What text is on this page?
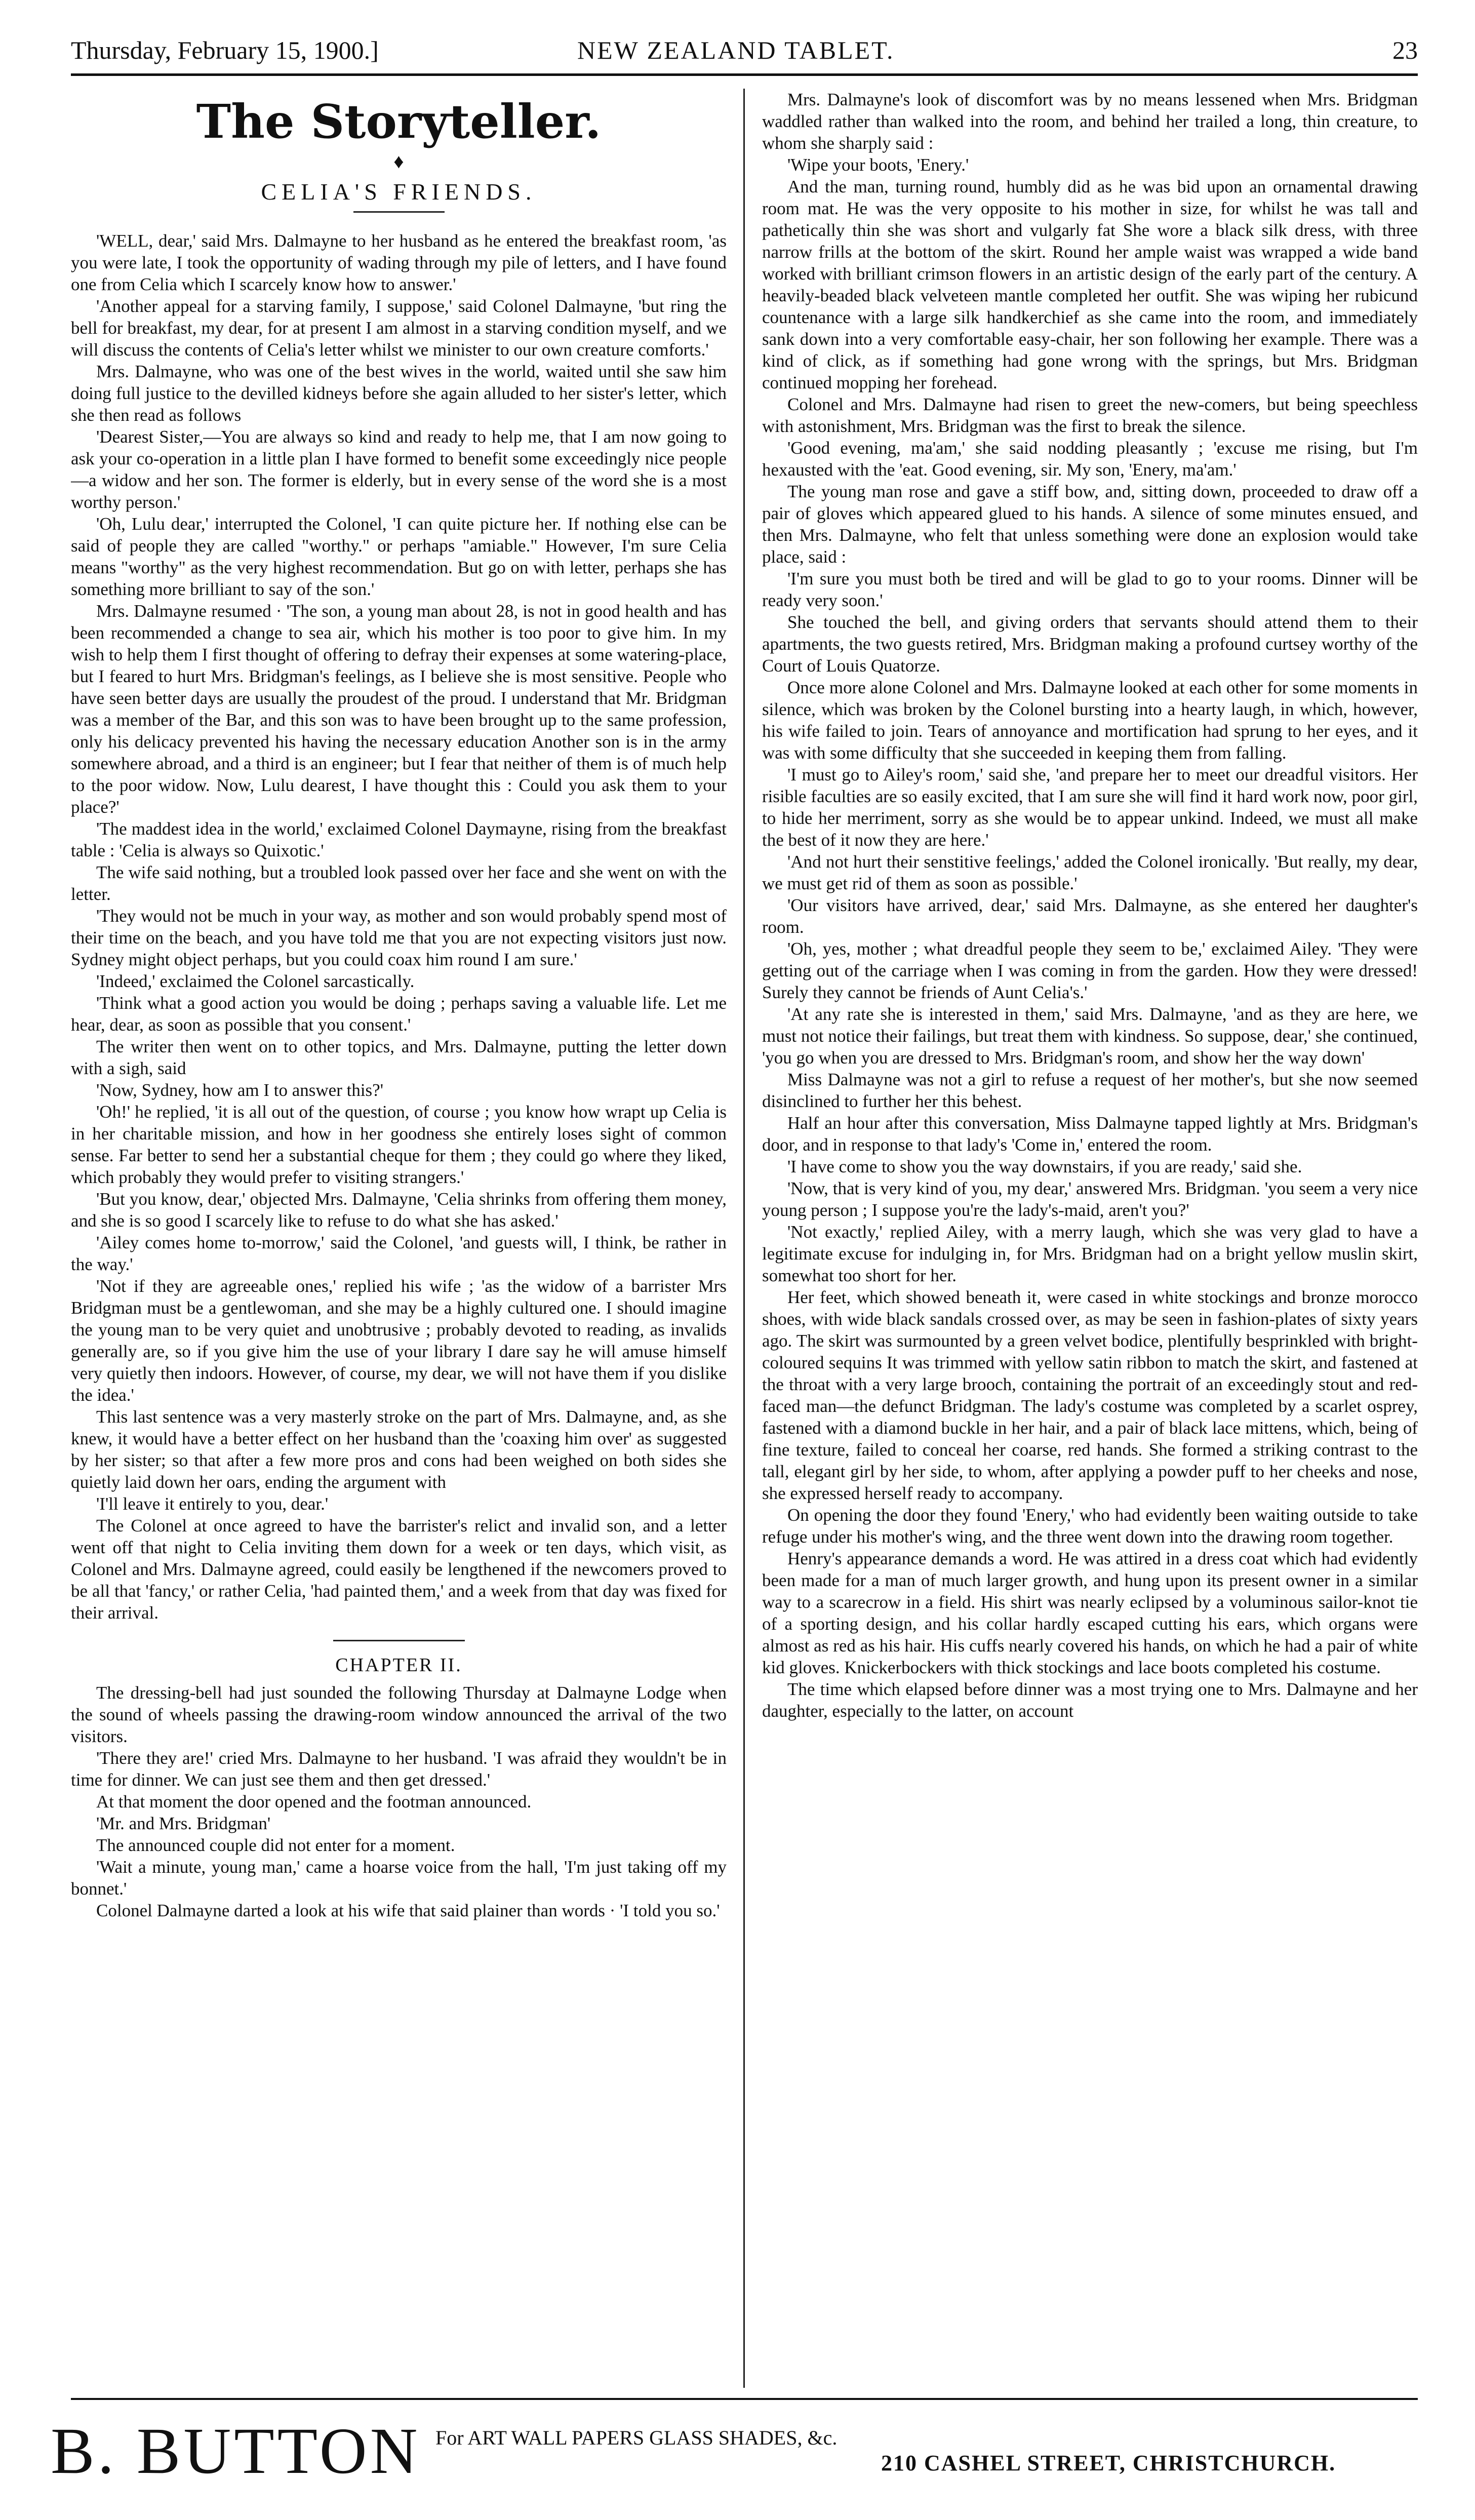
Thursday, February 15, 1900.]	NEW ZEALAND TABLET.	23
The Storyteller.
♦
CELIA'S FRIENDS.

'WELL, dear,' said Mrs. Dalmayne to her husband as he entered the breakfast room, 'as you were late, I took the opportunity of wading through my pile of letters, and I have found one from Celia which I scarcely know how to answer.'

'Another appeal for a starving family, I suppose,' said Colonel Dalmayne, 'but ring the bell for breakfast, my dear, for at present I am almost in a starving condition myself, and we will discuss the contents of Celia's letter whilst we minister to our own creature comforts.'

Mrs. Dalmayne, who was one of the best wives in the world, waited until she saw him doing full justice to the devilled kidneys before she again alluded to her sister's letter, which she then read as follows

'Dearest Sister,—You are always so kind and ready to help me, that I am now going to ask your co-operation in a little plan I have formed to benefit some exceedingly nice people—a widow and her son. The former is elderly, but in every sense of the word she is a most worthy person.'

'Oh, Lulu dear,' interrupted the Colonel, 'I can quite picture her. If nothing else can be said of people they are called "worthy." or perhaps "amiable." However, I'm sure Celia means "worthy" as the very highest recommendation. But go on with letter, perhaps she has something more brilliant to say of the son.'

Mrs. Dalmayne resumed · 'The son, a young man about 28, is not in good health and has been recommended a change to sea air, which his mother is too poor to give him. In my wish to help them I first thought of offering to defray their expenses at some watering-place, but I feared to hurt Mrs. Bridgman's feelings, as I believe she is most sensitive. People who have seen better days are usually the proudest of the proud. I understand that Mr. Bridgman was a member of the Bar, and this son was to have been brought up to the same profession, only his delicacy prevented his having the necessary education Another son is in the army somewhere abroad, and a third is an engineer; but I fear that neither of them is of much help to the poor widow. Now, Lulu dearest, I have thought this : Could you ask them to your place?'

'The maddest idea in the world,' exclaimed Colonel Daymayne, rising from the breakfast table : 'Celia is always so Quixotic.'

The wife said nothing, but a troubled look passed over her face and she went on with the letter.

'They would not be much in your way, as mother and son would probably spend most of their time on the beach, and you have told me that you are not expecting visitors just now. Sydney might object perhaps, but you could coax him round I am sure.'

'Indeed,' exclaimed the Colonel sarcastically.

'Think what a good action you would be doing ; perhaps saving a valuable life. Let me hear, dear, as soon as possible that you consent.'

The writer then went on to other topics, and Mrs. Dalmayne, putting the letter down with a sigh, said

'Now, Sydney, how am I to answer this?'

'Oh!' he replied, 'it is all out of the question, of course ; you know how wrapt up Celia is in her charitable mission, and how in her goodness she entirely loses sight of common sense. Far better to send her a substantial cheque for them ; they could go where they liked, which probably they would prefer to visiting strangers.'

'But you know, dear,' objected Mrs. Dalmayne, 'Celia shrinks from offering them money, and she is so good I scarcely like to refuse to do what she has asked.'

'Ailey comes home to-morrow,' said the Colonel, 'and guests will, I think, be rather in the way.'

'Not if they are agreeable ones,' replied his wife ; 'as the widow of a barrister Mrs Bridgman must be a gentlewoman, and she may be a highly cultured one. I should imagine the young man to be very quiet and unobtrusive ; probably devoted to reading, as invalids generally are, so if you give him the use of your library I dare say he will amuse himself very quietly then indoors. However, of course, my dear, we will not have them if you dislike the idea.'

This last sentence was a very masterly stroke on the part of Mrs. Dalmayne, and, as she knew, it would have a better effect on her husband than the 'coaxing him over' as suggested by her sister; so that after a few more pros and cons had been weighed on both sides she quietly laid down her oars, ending the argument with

'I'll leave it entirely to you, dear.'

The Colonel at once agreed to have the barrister's relict and invalid son, and a letter went off that night to Celia inviting them down for a week or ten days, which visit, as Colonel and Mrs. Dalmayne agreed, could easily be lengthened if the newcomers proved to be all that 'fancy,' or rather Celia, 'had painted them,' and a week from that day was fixed for their arrival.

CHAPTER II.

The dressing-bell had just sounded the following Thursday at Dalmayne Lodge when the sound of wheels passing the drawing-room window announced the arrival of the two visitors.

'There they are!' cried Mrs. Dalmayne to her husband. 'I was afraid they wouldn't be in time for dinner. We can just see them and then get dressed.'

At that moment the door opened and the footman announced.

'Mr. and Mrs. Bridgman'

The announced couple did not enter for a moment.

'Wait a minute, young man,' came a hoarse voice from the hall, 'I'm just taking off my bonnet.'

Colonel Dalmayne darted a look at his wife that said plainer than words · 'I told you so.'

Mrs. Dalmayne's look of discomfort was by no means lessened when Mrs. Bridgman waddled rather than walked into the room, and behind her trailed a long, thin creature, to whom she sharply said :

'Wipe your boots, 'Enery.'

And the man, turning round, humbly did as he was bid upon an ornamental drawing room mat. He was the very opposite to his mother in size, for whilst he was tall and pathetically thin she was short and vulgarly fat She wore a black silk dress, with three narrow frills at the bottom of the skirt. Round her ample waist was wrapped a wide band worked with brilliant crimson flowers in an artistic design of the early part of the century. A heavily-beaded black velveteen mantle completed her outfit. She was wiping her rubicund countenance with a large silk handkerchief as she came into the room, and immediately sank down into a very comfortable easy-chair, her son following her example. There was a kind of click, as if something had gone wrong with the springs, but Mrs. Bridgman continued mopping her forehead.

Colonel and Mrs. Dalmayne had risen to greet the new-comers, but being speechless with astonishment, Mrs. Bridgman was the first to break the silence.

'Good evening, ma'am,' she said nodding pleasantly ; 'excuse me rising, but I'm hexausted with the 'eat. Good evening, sir. My son, 'Enery, ma'am.'

The young man rose and gave a stiff bow, and, sitting down, proceeded to draw off a pair of gloves which appeared glued to his hands. A silence of some minutes ensued, and then Mrs. Dalmayne, who felt that unless something were done an explosion would take place, said :

'I'm sure you must both be tired and will be glad to go to your rooms. Dinner will be ready very soon.'

She touched the bell, and giving orders that servants should attend them to their apartments, the two guests retired, Mrs. Bridgman making a profound curtsey worthy of the Court of Louis Quatorze.

Once more alone Colonel and Mrs. Dalmayne looked at each other for some moments in silence, which was broken by the Colonel bursting into a hearty laugh, in which, however, his wife failed to join. Tears of annoyance and mortification had sprung to her eyes, and it was with some difficulty that she succeeded in keeping them from falling.

'I must go to Ailey's room,' said she, 'and prepare her to meet our dreadful visitors. Her risible faculties are so easily excited, that I am sure she will find it hard work now, poor girl, to hide her merriment, sorry as she would be to appear unkind. Indeed, we must all make the best of it now they are here.'

'And not hurt their senstitive feelings,' added the Colonel ironically. 'But really, my dear, we must get rid of them as soon as possible.'

'Our visitors have arrived, dear,' said Mrs. Dalmayne, as she entered her daughter's room.

'Oh, yes, mother ; what dreadful people they seem to be,' exclaimed Ailey. 'They were getting out of the carriage when I was coming in from the garden. How they were dressed! Surely they cannot be friends of Aunt Celia's.'

'At any rate she is interested in them,' said Mrs. Dalmayne, 'and as they are here, we must not notice their failings, but treat them with kindness. So suppose, dear,' she continued, 'you go when you are dressed to Mrs. Bridgman's room, and show her the way down'

Miss Dalmayne was not a girl to refuse a request of her mother's, but she now seemed disinclined to further her this behest.

Half an hour after this conversation, Miss Dalmayne tapped lightly at Mrs. Bridgman's door, and in response to that lady's 'Come in,' entered the room.

'I have come to show you the way downstairs, if you are ready,' said she.

'Now, that is very kind of you, my dear,' answered Mrs. Bridgman. 'you seem a very nice young person ; I suppose you're the lady's-maid, aren't you?'

'Not exactly,' replied Ailey, with a merry laugh, which she was very glad to have a legitimate excuse for indulging in, for Mrs. Bridgman had on a bright yellow muslin skirt, somewhat too short for her.

Her feet, which showed beneath it, were cased in white stockings and bronze morocco shoes, with wide black sandals crossed over, as may be seen in fashion-plates of sixty years ago. The skirt was surmounted by a green velvet bodice, plentifully besprinkled with bright-coloured sequins It was trimmed with yellow satin ribbon to match the skirt, and fastened at the throat with a very large brooch, containing the portrait of an exceedingly stout and red-faced man—the defunct Bridgman. The lady's costume was completed by a scarlet osprey, fastened with a diamond buckle in her hair, and a pair of black lace mittens, which, being of fine texture, failed to conceal her coarse, red hands. She formed a striking contrast to the tall, elegant girl by her side, to whom, after applying a powder puff to her cheeks and nose, she expressed herself ready to accompany.

On opening the door they found 'Enery,' who had evidently been waiting outside to take refuge under his mother's wing, and the three went down into the drawing room together.

Henry's appearance demands a word. He was attired in a dress coat which had evidently been made for a man of much larger growth, and hung upon its present owner in a similar way to a scarecrow in a field. His shirt was nearly eclipsed by a voluminous sailor-knot tie of a sporting design, and his collar hardly escaped cutting his ears, which organs were almost as red as his hair. His cuffs nearly covered his hands, on which he had a pair of white kid gloves. Knickerbockers with thick stockings and lace boots completed his costume.

The time which elapsed before dinner was a most trying one to Mrs. Dalmayne and her daughter, especially to the latter, on account

B. BUTTON For ART WALL PAPERS GLASS SHADES, &c.
210 CASHEL STREET, CHRISTCHURCH.
